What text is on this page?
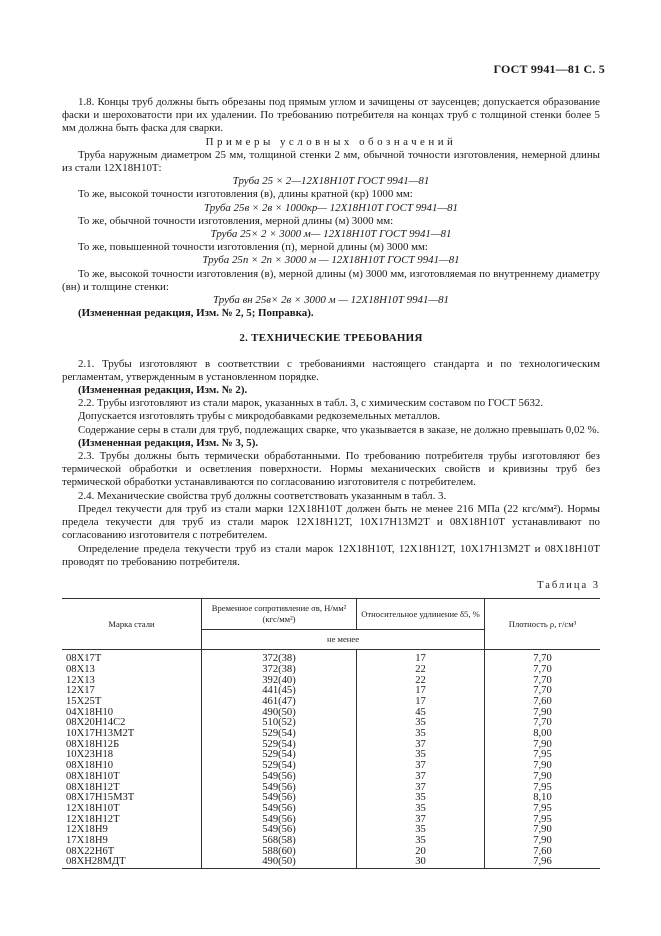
ГОСТ 9941—81 С. 5

1.8. Концы труб должны быть обрезаны под прямым углом и зачищены от заусенцев; допускается образование фаски и шероховатости при их удалении. По требованию потребителя на концах труб с толщиной стенки более 5 мм должна быть фаска для сварки.

Примеры условных обозначений

Труба наружным диаметром 25 мм, толщиной стенки 2 мм, обычной точности изготовления, немерной длины из стали 12Х18Н10Т:

Труба 25 × 2—12Х18Н10Т ГОСТ 9941—81

То же, высокой точности изготовления (в), длины кратной (кр) 1000 мм:

Труба 25в × 2в × 1000кр— 12Х18Н10Т ГОСТ 9941—81

То же, обычной точности изготовления, мерной длины (м) 3000 мм:

Труба 25× 2 × 3000 м— 12Х18Н10Т ГОСТ 9941—81

То же, повышенной точности изготовления (п), мерной длины (м) 3000 мм:

Труба 25п × 2п × 3000 м — 12Х18Н10Т ГОСТ 9941—81

То же, высокой точности изготовления (в), мерной длины (м) 3000 мм, изготовляемая по внутреннему диаметру (вн) и толщине стенки:

Труба вн 25в× 2в × 3000 м — 12Х18Н10Т 9941—81

(Измененная редакция, Изм. № 2, 5; Поправка).

2. ТЕХНИЧЕСКИЕ ТРЕБОВАНИЯ

2.1. Трубы изготовляют в соответствии с требованиями настоящего стандарта и по технологическим регламентам, утвержденным в установленном порядке.

(Измененная редакция, Изм. № 2).

2.2. Трубы изготовляют из стали марок, указанных в табл. 3, с химическим составом по ГОСТ 5632.

Допускается изготовлять трубы с микродобавками редкоземельных металлов.

Содержание серы в стали для труб, подлежащих сварке, что указывается в заказе, не должно превышать 0,02 %.

(Измененная редакция, Изм. № 3, 5).

2.3. Трубы должны быть термически обработанными. По требованию потребителя трубы изготовляют без термической обработки и осветления поверхности. Нормы механических свойств и кривизны труб без термической обработки устанавливаются по согласованию изготовителя с потребителем.

2.4. Механические свойства труб должны соответствовать указанным в табл. 3.

Предел текучести для труб из стали марки 12Х18Н10Т должен быть не менее 216 МПа (22 кгс/мм²). Нормы предела текучести для труб из стали марок 12Х18Н12Т, 10Х17Н13М2Т и 08Х18Н10Т устанавливают по согласованию изготовителя с потребителем.

Определение предела текучести труб из стали марок 12Х18Н10Т, 12Х18Н12Т, 10Х17Н13М2Т и 08Х18Н10Т проводят по требованию потребителя.

Таблица 3
Марка стали	Временное сопротивление σв, Н/мм² (кгс/мм²)	Относительное удлинение δ5, %	Плотность ρ, г/см³
	не менее		
08Х17Т	372(38)	17	7,70
08Х13	372(38)	22	7,70
12Х13	392(40)	22	7,70
12Х17	441(45)	17	7,70
15Х25Т	461(47)	17	7,60
04Х18Н10	490(50)	45	7,90
08Х20Н14С2	510(52)	35	7,70
10Х17Н13М2Т	529(54)	35	8,00
08Х18Н12Б	529(54)	37	7,90
10Х23Н18	529(54)	35	7,95
08Х18Н10	529(54)	37	7,90
08Х18Н10Т	549(56)	37	7,90
08Х18Н12Т	549(56)	37	7,95
08Х17Н15М3Т	549(56)	35	8,10
12Х18Н10Т	549(56)	35	7,95
12Х18Н12Т	549(56)	37	7,95
12Х18Н9	549(56)	35	7,90
17Х18Н9	568(58)	35	7,90
08Х22Н6Т	588(60)	20	7,60
08ХН28МДТ	490(50)	30	7,96
